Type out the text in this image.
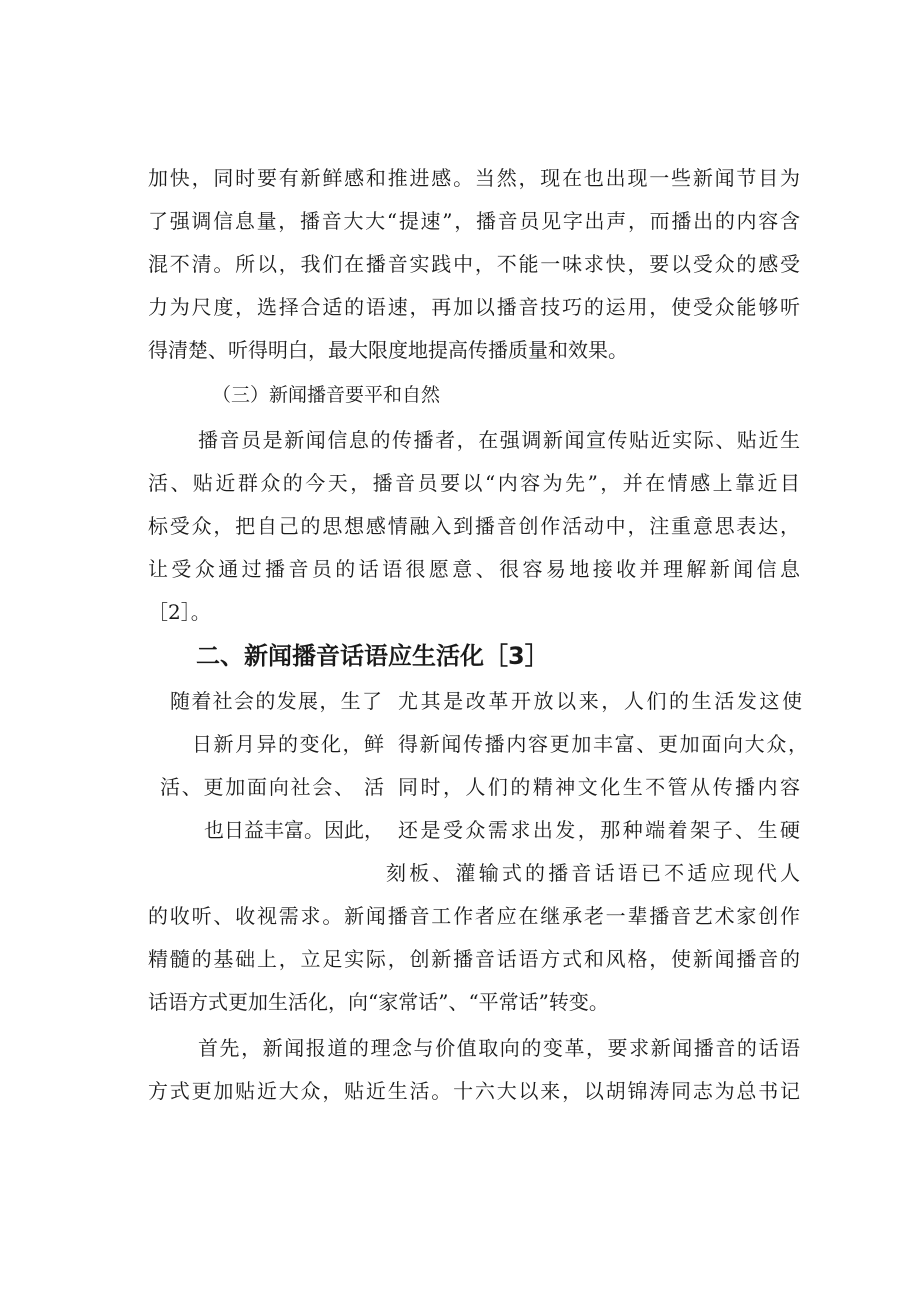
加快，同时要有新鲜感和推进感。当然，现在也出现一些新闻节目为
了强调信息量，播音大大“提速”，播音员见字出声，而播出的内容含
混不清。所以，我们在播音实践中，不能一味求快，要以受众的感受
力为尺度，选择合适的语速，再加以播音技巧的运用，使受众能够听
得清楚、听得明白，最大限度地提高传播质量和效果。
（三）新闻播音要平和自然
播音员是新闻信息的传播者，在强调新闻宣传贴近实际、贴近生
活、贴近群众的今天，播音员要以“内容为先”，并在情感上靠近目
标受众，把自己的思想感情融入到播音创作活动中，注重意思表达，
让受众通过播音员的话语很愿意、很容易地接收并理解新闻信息
［2］。
二、新闻播音话语应生活化［3］
随着社会的发展，生了
日新月异的变化，鲜
活、更加面向社会、 活
也日益丰富。因此，
尤其是改革开放以来，人们的生活发这使
得新闻传播内容更加丰富、更加面向大众，
同时，人们的精神文化生不管从传播内容
还是受众需求出发，那种端着架子、生硬
刻板、灌输式的播音话语已不适应现代人
的收听、收视需求。新闻播音工作者应在继承老一辈播音艺术家创作
精髓的基础上，立足实际，创新播音话语方式和风格，使新闻播音的
话语方式更加生活化，向“家常话”、“平常话”转变。
首先，新闻报道的理念与价值取向的变革，要求新闻播音的话语
方式更加贴近大众，贴近生活。十六大以来，以胡锦涛同志为总书记
